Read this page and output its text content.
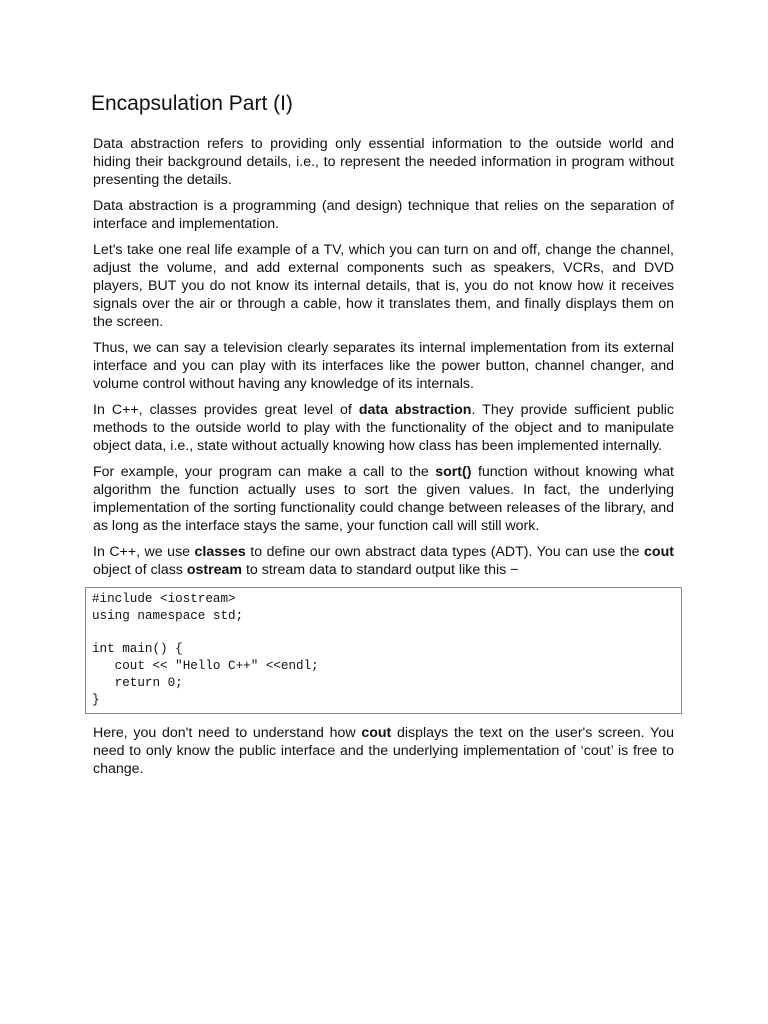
Encapsulation Part (I)

Data abstraction refers to providing only essential information to the outside world and hiding their background details, i.e., to represent the needed information in program without presenting the details.

Data abstraction is a programming (and design) technique that relies on the separation of interface and implementation.

Let's take one real life example of a TV, which you can turn on and off, change the channel, adjust the volume, and add external components such as speakers, VCRs, and DVD players, BUT you do not know its internal details, that is, you do not know how it receives signals over the air or through a cable, how it translates them, and finally displays them on the screen.

Thus, we can say a television clearly separates its internal implementation from its external interface and you can play with its interfaces like the power button, channel changer, and volume control without having any knowledge of its internals.

In C++, classes provides great level of data abstraction. They provide sufficient public methods to the outside world to play with the functionality of the object and to manipulate object data, i.e., state without actually knowing how class has been implemented internally.

For example, your program can make a call to the sort() function without knowing what algorithm the function actually uses to sort the given values. In fact, the underlying implementation of the sorting functionality could change between releases of the library, and as long as the interface stays the same, your function call will still work.

In C++, we use classes to define our own abstract data types (ADT). You can use the cout object of class ostream to stream data to standard output like this −

#include <iostream>
using namespace std;
int main() {
cout << "Hello C++" <<endl;
return 0;
}

Here, you don't need to understand how cout displays the text on the user's screen. You need to only know the public interface and the underlying implementation of ‘cout’ is free to change.
